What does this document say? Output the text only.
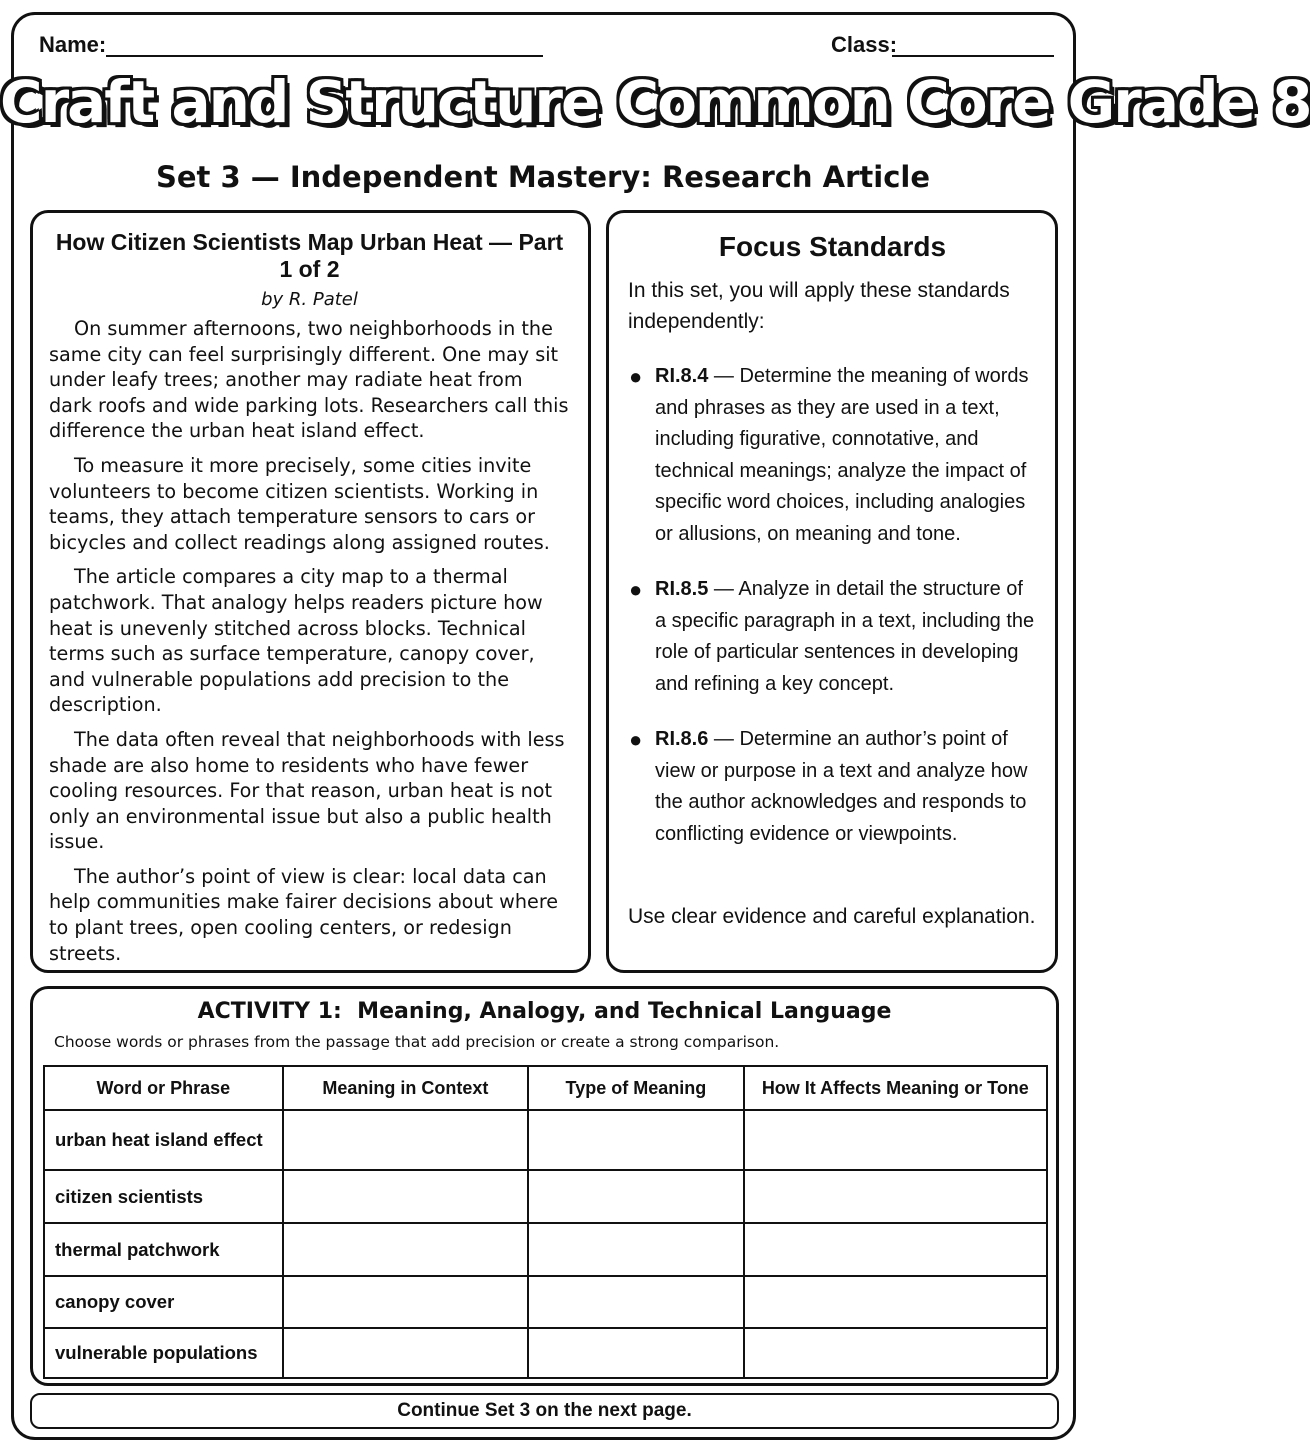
Name:	Class:
Craft and Structure Common Core Grade 8
Set 3 — Independent Mastery: Research Article
How Citizen Scientists Map Urban Heat — Part 1 of 2
by R. Patel

On summer afternoons, two neighborhoods in the same city can feel surprisingly different. One may sit under leafy trees; another may radiate heat from dark roofs and wide parking lots. Researchers call this difference the urban heat island effect.

To measure it more precisely, some cities invite volunteers to become citizen scientists. Working in teams, they attach temperature sensors to cars or bicycles and collect readings along assigned routes.

The article compares a city map to a thermal patchwork. That analogy helps readers picture how heat is unevenly stitched across blocks. Technical terms such as surface temperature, canopy cover, and vulnerable populations add precision to the description.

The data often reveal that neighborhoods with less shade are also home to residents who have fewer cooling resources. For that reason, urban heat is not only an environmental issue but also a public health issue.

The author’s point of view is clear: local data can help communities make fairer decisions about where to plant trees, open cooling centers, or redesign streets.

Focus Standards
In this set, you will apply these standards independently:
● RI.8.4 — Determine the meaning of words and phrases as they are used in a text, including figurative, connotative, and technical meanings; analyze the impact of specific word choices, including analogies or allusions, on meaning and tone.
● RI.8.5 — Analyze in detail the structure of a specific paragraph in a text, including the role of particular sentences in developing and refining a key concept.
● RI.8.6 — Determine an author’s point of view or purpose in a text and analyze how the author acknowledges and responds to conflicting evidence or viewpoints.
Use clear evidence and careful explanation.
ACTIVITY 1:  Meaning, Analogy, and Technical Language
Choose words or phrases from the passage that add precision or create a strong comparison.
Word or Phrase	Meaning in Context	Type of Meaning	How It Affects Meaning or Tone
urban heat island effect			
citizen scientists			
thermal patchwork			
canopy cover			
vulnerable populations			
Continue Set 3 on the next page.
